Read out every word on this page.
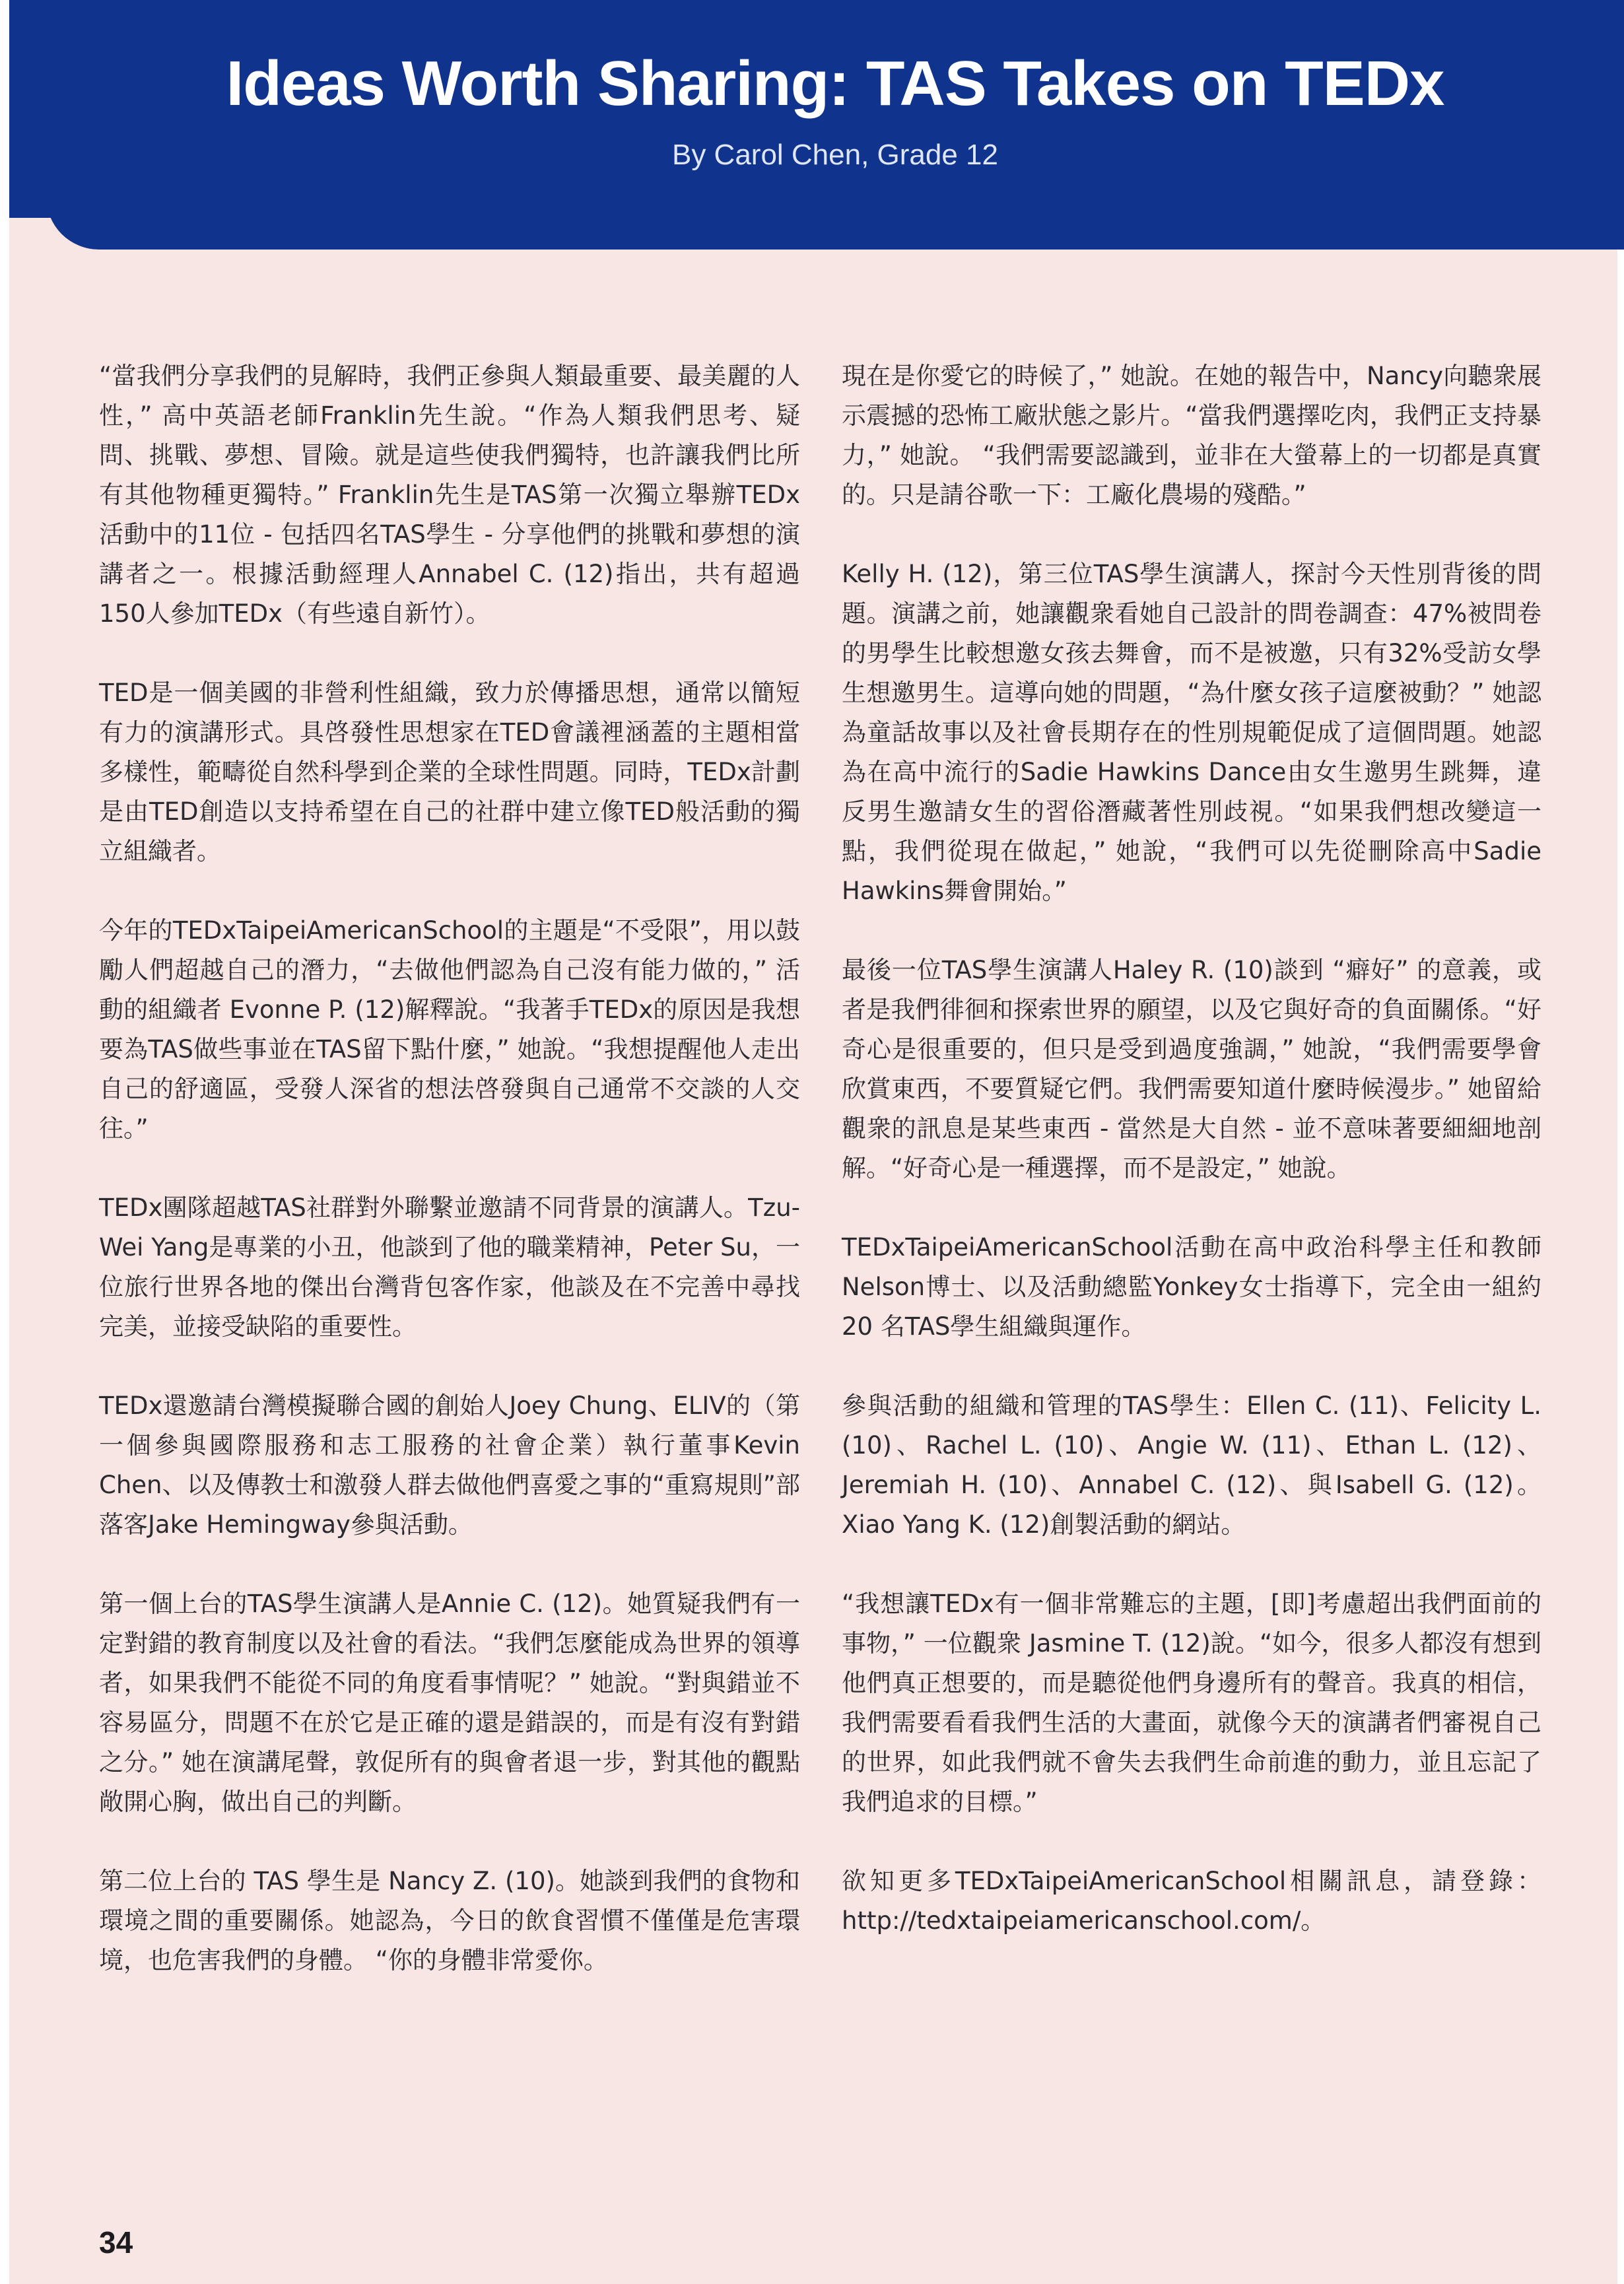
Ideas Worth Sharing: TAS Takes on TEDx

By Carol Chen, Grade 12

“當我們分享我們的見解時，我們正參與人類最重要、最美麗的人性，” 高中英語老師Franklin先生說。“作為人類我們思考、疑問、挑戰、夢想、冒險。就是這些使我們獨特，也許讓我們比所有其他物種更獨特。” Franklin先生是TAS第一次獨立舉辦TEDx活動中的11位 - 包括四名TAS學生 - 分享他們的挑戰和夢想的演講者之一。根據活動經理人Annabel C. (12)指出，共有超過150人參加TEDx（有些遠自新竹）。

TED是一個美國的非營利性組織，致力於傳播思想，通常以簡短有力的演講形式。具啓發性思想家在TED會議裡涵蓋的主題相當多樣性，範疇從自然科學到企業的全球性問題。同時，TEDx計劃是由TED創造以支持希望在自己的社群中建立像TED般活動的獨立組織者。

今年的TEDxTaipeiAmericanSchool的主題是“不受限”，用以鼓勵人們超越自己的潛力，“去做他們認為自己沒有能力做的，” 活動的組織者 Evonne P. (12)解釋說。“我著手TEDx的原因是我想要為TAS做些事並在TAS留下點什麼，” 她說。“我想提醒他人走出自己的舒適區，受發人深省的想法啓發與自己通常不交談的人交往。”

TEDx團隊超越TAS社群對外聯繫並邀請不同背景的演講人。Tzu-Wei Yang是專業的小丑，他談到了他的職業精神，Peter Su，一位旅行世界各地的傑出台灣背包客作家，他談及在不完善中尋找完美，並接受缺陷的重要性。

TEDx還邀請台灣模擬聯合國的創始人Joey Chung、ELIV的（第一個參與國際服務和志工服務的社會企業）執行董事Kevin Chen、以及傳教士和激發人群去做他們喜愛之事的“重寫規則”部落客Jake Hemingway參與活動。

第一個上台的TAS學生演講人是Annie C. (12)。她質疑我們有一定對錯的教育制度以及社會的看法。“我們怎麼能成為世界的領導者，如果我們不能從不同的角度看事情呢？” 她說。“對與錯並不容易區分，問題不在於它是正確的還是錯誤的，而是有沒有對錯之分。” 她在演講尾聲，敦促所有的與會者退一步，對其他的觀點敞開心胸，做出自己的判斷。

第二位上台的 TAS 學生是 Nancy Z. (10)。她談到我們的食物和環境之間的重要關係。她認為，今日的飲食習慣不僅僅是危害環境，也危害我們的身體。 “你的身體非常愛你。

現在是你愛它的時候了，” 她說。在她的報告中，Nancy向聽衆展示震撼的恐怖工廠狀態之影片。“當我們選擇吃肉，我們正支持暴力，” 她說。 “我們需要認識到，並非在大螢幕上的一切都是真實的。只是請谷歌一下：工廠化農場的殘酷。”

Kelly H. (12)，第三位TAS學生演講人，探討今天性別背後的問題。演講之前，她讓觀衆看她自己設計的問卷調查：47%被問卷的男學生比較想邀女孩去舞會，而不是被邀，只有32%受訪女學生想邀男生。這導向她的問題，“為什麼女孩子這麼被動？” 她認為童話故事以及社會長期存在的性別規範促成了這個問題。她認為在高中流行的Sadie Hawkins Dance由女生邀男生跳舞，違反男生邀請女生的習俗潛藏著性別歧視。“如果我們想改變這一點，我們從現在做起，” 她說，“我們可以先從刪除高中Sadie Hawkins舞會開始。”

最後一位TAS學生演講人Haley R. (10)談到 “癖好” 的意義，或者是我們徘徊和探索世界的願望，以及它與好奇的負面關係。“好奇心是很重要的，但只是受到過度強調，” 她說，“我們需要學會欣賞東西，不要質疑它們。我們需要知道什麼時候漫步。” 她留給觀衆的訊息是某些東西 - 當然是大自然 - 並不意味著要細細地剖解。“好奇心是一種選擇，而不是設定，” 她說。

TEDxTaipeiAmericanSchool活動在高中政治科學主任和教師Nelson博士、以及活動總監Yonkey女士指導下，完全由一組約20 名TAS學生組織與運作。

參與活動的組織和管理的TAS學生：Ellen C. (11)、Felicity L. (10)、Rachel L. (10)、Angie W. (11)、Ethan L. (12)、Jeremiah H. (10)、Annabel C. (12)、與Isabell G. (12)。Xiao Yang K. (12)創製活動的網站。

“我想讓TEDx有一個非常難忘的主題，[即]考慮超出我們面前的事物，” 一位觀衆 Jasmine T. (12)說。“如今，很多人都沒有想到他們真正想要的，而是聽從他們身邊所有的聲音。我真的相信，我們需要看看我們生活的大畫面，就像今天的演講者們審視自己的世界，如此我們就不會失去我們生命前進的動力，並且忘記了我們追求的目標。”

欲知更多TEDxTaipeiAmericanSchool相關訊息，請登錄：http://tedxtaipeiamericanschool.com/。

34
